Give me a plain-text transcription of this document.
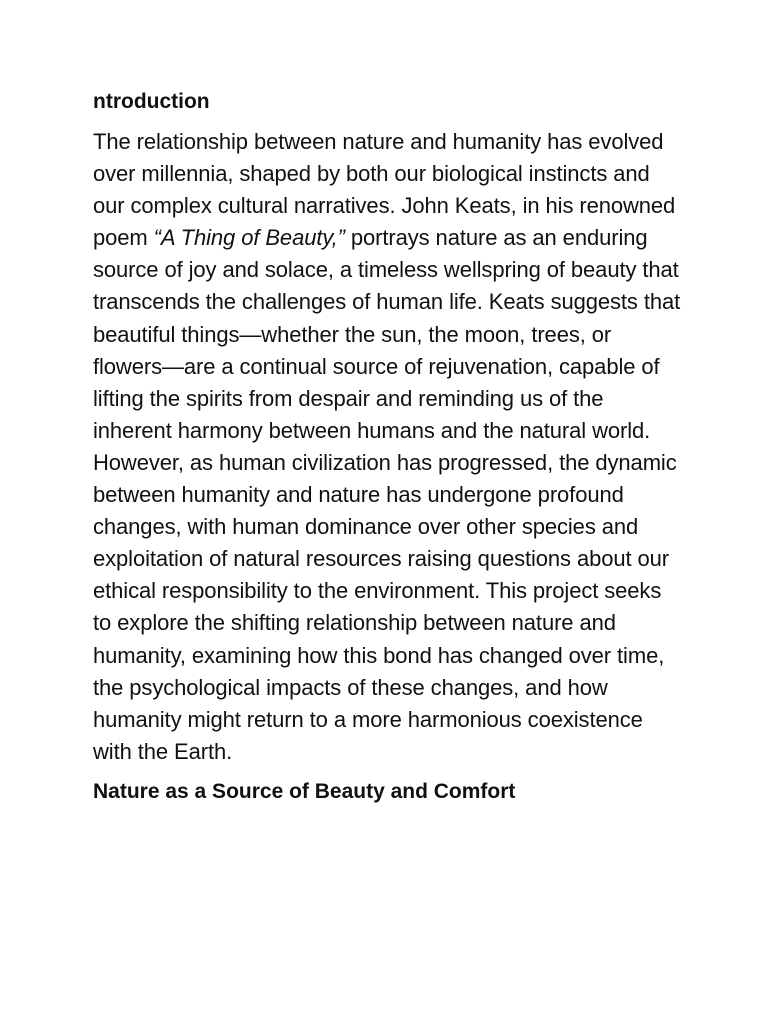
ntroduction

The relationship between nature and humanity has evolved over millennia, shaped by both our biological instincts and our complex cultural narratives. John Keats, in his renowned poem “A Thing of Beauty,” portrays nature as an enduring source of joy and solace, a timeless wellspring of beauty that transcends the challenges of human life. Keats suggests that beautiful things—whether the sun, the moon, trees, or flowers—are a continual source of rejuvenation, capable of lifting the spirits from despair and reminding us of the inherent harmony between humans and the natural world. However, as human civilization has progressed, the dynamic between humanity and nature has undergone profound changes, with human dominance over other species and exploitation of natural resources raising questions about our ethical responsibility to the environment. This project seeks to explore the shifting relationship between nature and humanity, examining how this bond has changed over time, the psychological impacts of these changes, and how humanity might return to a more harmonious coexistence with the Earth.

Nature as a Source of Beauty and Comfort
